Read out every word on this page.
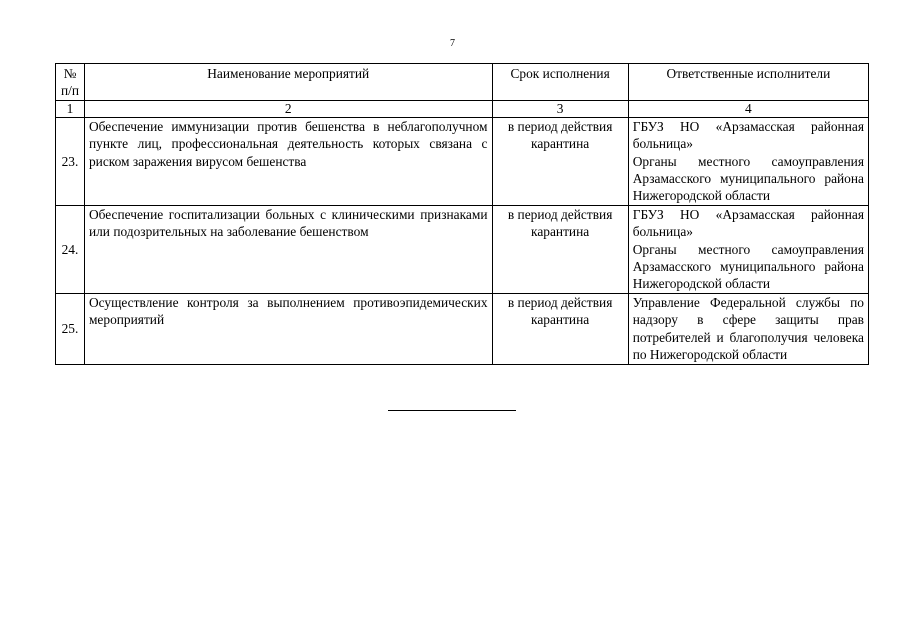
7
№ п/п	Наименование мероприятий	Срок исполнения	Ответственные исполнители
1	2	3	4
23.	Обеспечение иммунизации против бешенства в неблагополучном пункте лиц, профессиональная деятельность которых связана с риском заражения вирусом бешенства	в период действия карантина	ГБУЗ НО «Арзамасская районная больница»
Органы местного самоуправления Арзамасского муниципального района Нижегородской области

24.	Обеспечение госпитализации больных с клиническими признаками или подозрительных на заболевание бешенством	в период действия карантина	ГБУЗ НО «Арзамасская районная больница»
Органы местного самоуправления Арзамасского муниципального района Нижегородской области

25.	Осуществление контроля за выполнением противоэпидемических мероприятий	в период действия карантина	Управление Федеральной службы по надзору в сфере защиты прав потребителей и благополучия человека по Нижегородской области
